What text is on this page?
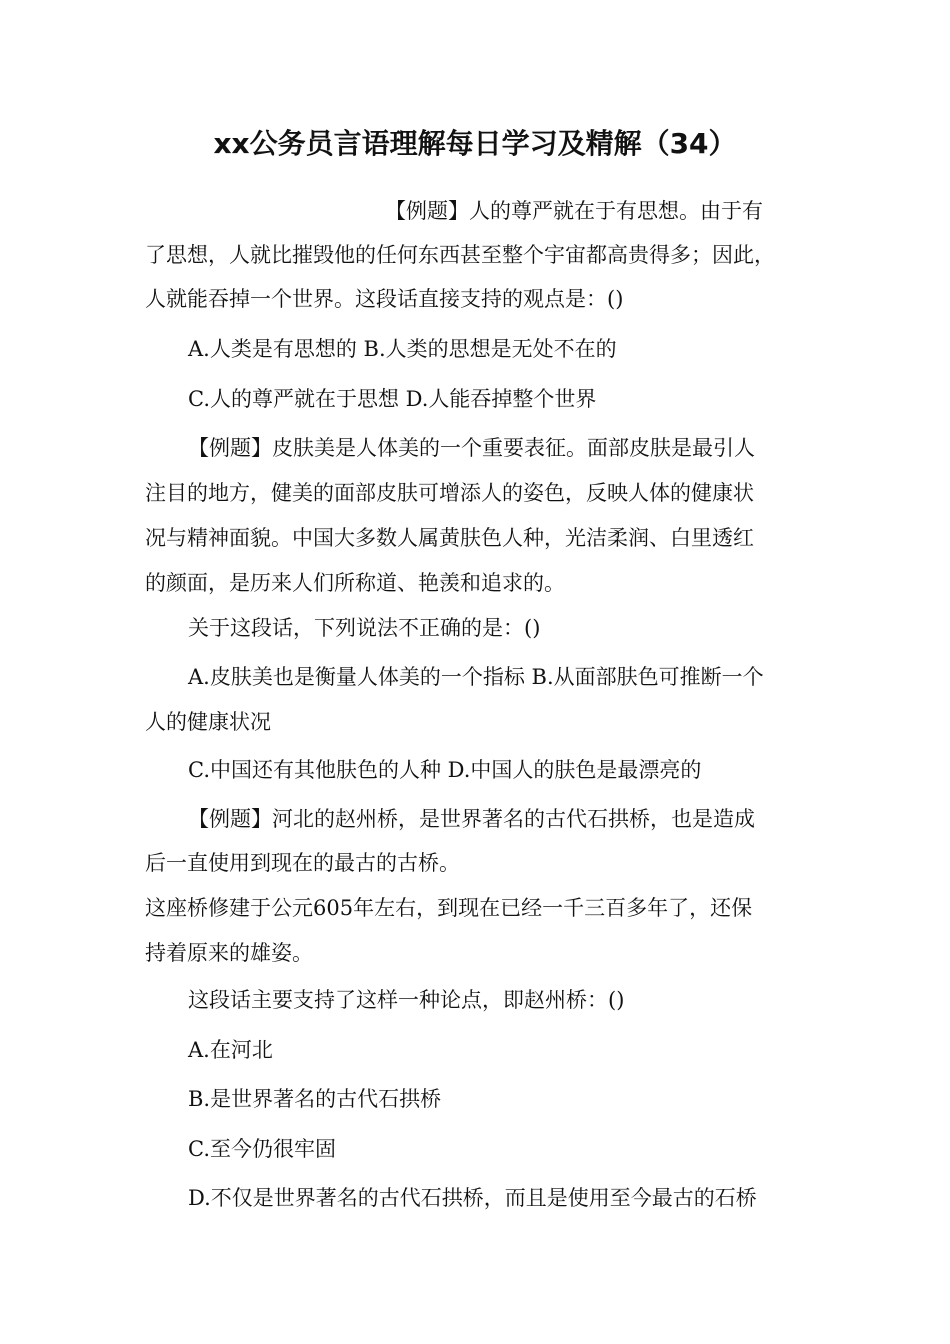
xx公务员言语理解每日学习及精解（34）
【例题】人的尊严就在于有思想。由于有
了思想，人就比摧毁他的任何东西甚至整个宇宙都高贵得多；因此，
人就能吞掉一个世界。这段话直接支持的观点是：()
A.人类是有思想的 B.人类的思想是无处不在的
C.人的尊严就在于思想 D.人能吞掉整个世界
【例题】皮肤美是人体美的一个重要表征。面部皮肤是最引人
注目的地方，健美的面部皮肤可增添人的姿色，反映人体的健康状
况与精神面貌。中国大多数人属黄肤色人种，光洁柔润、白里透红
的颜面，是历来人们所称道、艳羡和追求的。
关于这段话，下列说法不正确的是：()
A.皮肤美也是衡量人体美的一个指标 B.从面部肤色可推断一个
人的健康状况
C.中国还有其他肤色的人种 D.中国人的肤色是最漂亮的
【例题】河北的赵州桥，是世界著名的古代石拱桥，也是造成
后一直使用到现在的最古的古桥。
这座桥修建于公元605年左右，到现在已经一千三百多年了，还保
持着原来的雄姿。
这段话主要支持了这样一种论点，即赵州桥：()
A.在河北
B.是世界著名的古代石拱桥
C.至今仍很牢固
D.不仅是世界著名的古代石拱桥，而且是使用至今最古的石桥
